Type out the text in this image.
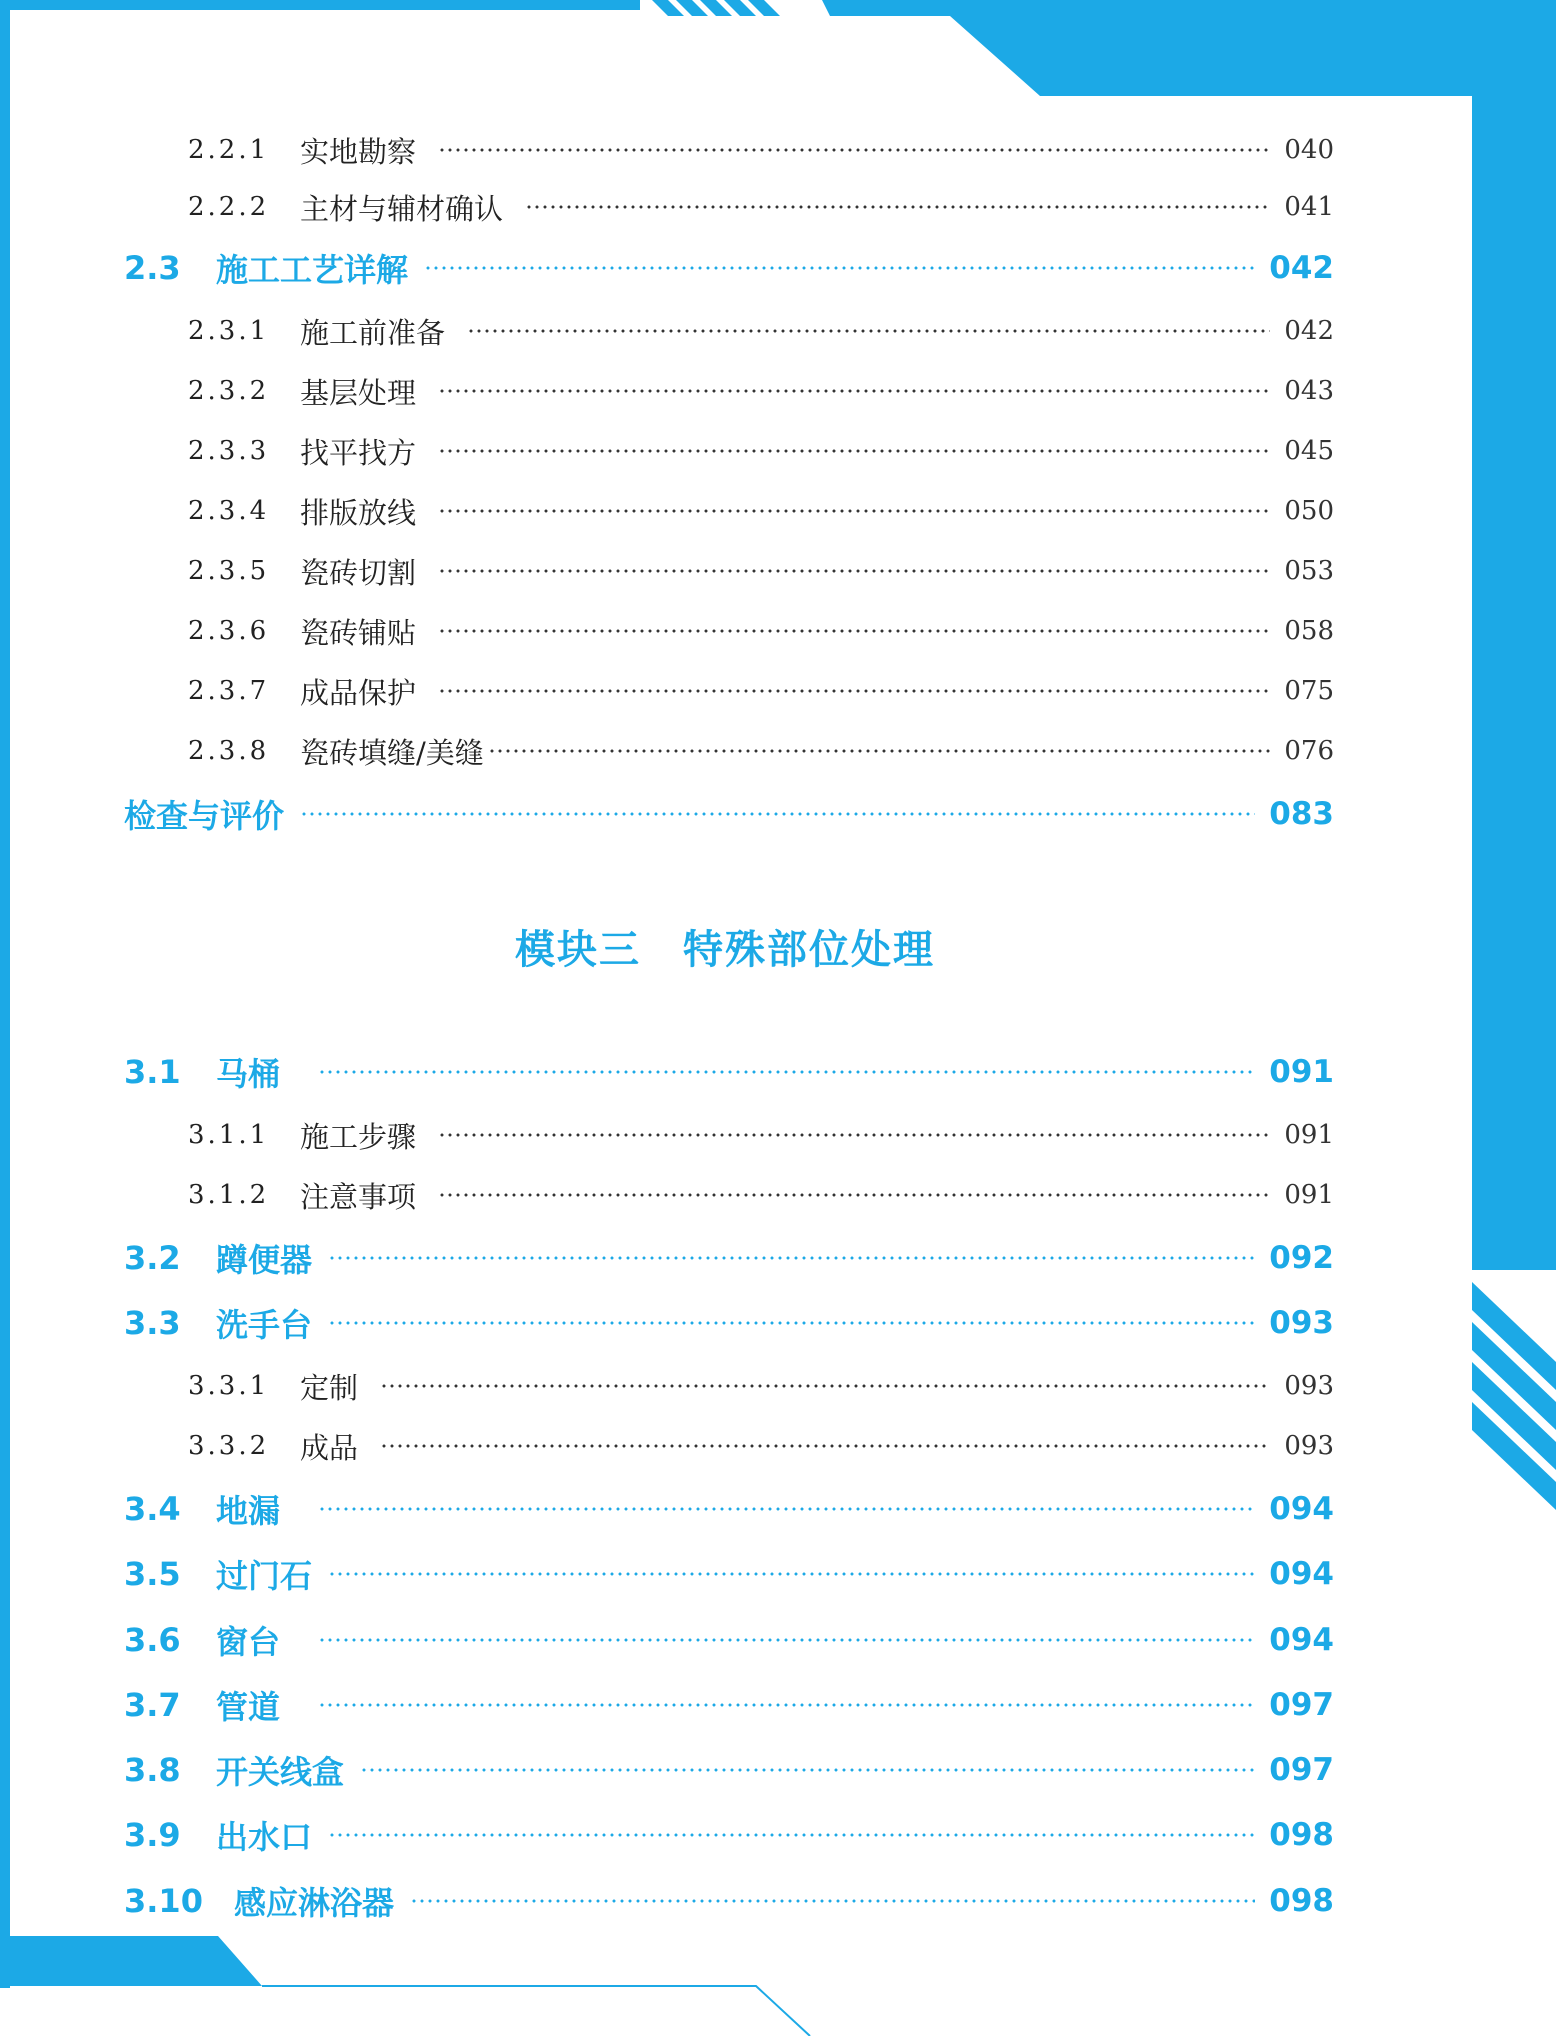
2.2.1	实地勘察	040
2.2.2	主材与辅材确认	041
2.3	施工工艺详解	042
2.3.1	施工前准备	042
2.3.2	基层处理	043
2.3.3	找平找方	045
2.3.4	排版放线	050
2.3.5	瓷砖切割	053
2.3.6	瓷砖铺贴	058
2.3.7	成品保护	075
2.3.8	瓷砖填缝/美缝	076
检查与评价	083
模块三　特殊部位处理
3.1	马桶	091
3.1.1	施工步骤	091
3.1.2	注意事项	091
3.2	蹲便器	092
3.3	洗手台	093
3.3.1	定制	093
3.3.2	成品	093
3.4	地漏	094
3.5	过门石	094
3.6	窗台	094
3.7	管道	097
3.8	开关线盒	097
3.9	出水口	098
3.10 感应淋浴器	098
